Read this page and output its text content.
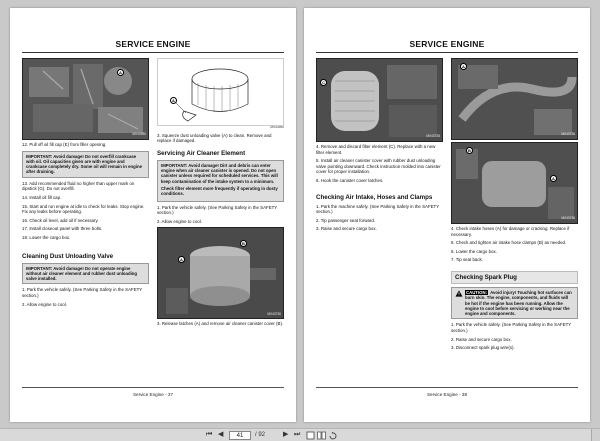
SERVICE ENGINE
A
MX43950

12. Pull off oil fill cap (E) from filler opening.

IMPORTANT: Avoid damage! Do not overfill crankcase with oil. Oil capacities given are with engine and crankcase completely dry. Some oil will remain in engine after draining.

13. Add recommended fluid no higher than upper mark on dipstick (G). Do not overfill.

14. Install oil fill cap.

15. Start and run engine at idle to check for leaks. Stop engine. Fix any leaks before operating.

16. Check oil level, add oil if necessary.

17. Install closeout panel with three bolts.

18. Lower the cargo box.

Cleaning Dust Unloading Valve
IMPORTANT: Avoid damage! Do not operate engine without air cleaner element and rubber dust unloading valve installed.

1. Park the vehicle safely. (See Parking Safety in the SAFETY section.)

2. Allow engine to cool.

A

3. Squeeze dust unloading valve (A) to clean. Remove and replace if damaged.

Servicing Air Cleaner Element

IMPORTANT: Avoid damage! Dirt and debris can enter engine when air cleaner canister is opened. Do not open canister unless required for scheduled services. This will keep contamination of the intake system to a minimum.

Check filter element more frequently if operating in dusty conditions.

1. Park the vehicle safely. (See Parking Safety in the SAFETY section.)

2. Allow engine to cool.

A
B
MX43730

3. Release latches (A) and remove air cleaner canister cover (B).

Service Engine - 37
SERVICE ENGINE
C
MX43735

4. Remove and discard filter element (C). Replace with a new filter element.

5. Install air cleaner canister cover with rubber dust unloading valve pointing downward. Check instruction molded into canister cover for proper installation.

6. Hook the canister cover latches.

Checking Air Intake, Hoses and Clamps

1. Park the machine safely. (See Parking Safety in the SAFETY section.)

2. Tip passenger seat forward.

3. Raise and secure cargo box.

A
MX43738
B
A
MX43736

4. Check intake hoses (A) for damage or cracking. Replace if necessary.

5. Check and tighten air intake hose clamps (B) as needed.

6. Lower the cargo box.

7. Tip seat back.

Checking Spark Plug
CAUTION: Avoid injury! Touching hot surfaces can burn skin. The engine, components, and fluids will be hot if the engine has been running. Allow the engine to cool before servicing or working near the engine and components.

1. Park the vehicle safely. (See Parking Safety in the SAFETY section.)

2. Raise and secure cargo box.

3. Disconnect spark plug wire(s).

Service Engine - 38
⏮ ◀	41	/ 92	▶ ⏭
